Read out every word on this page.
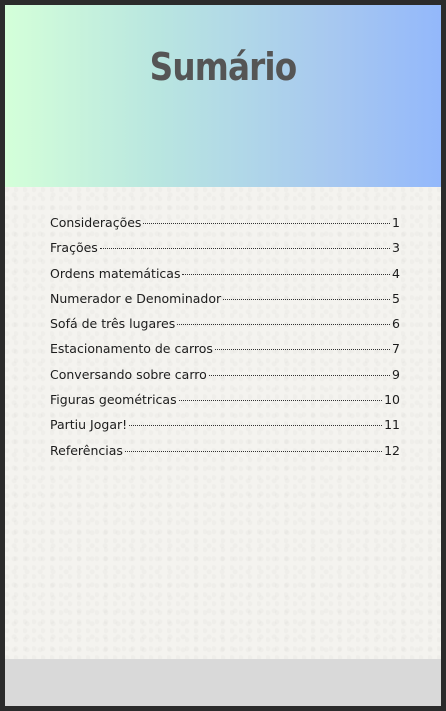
Sumário
Considerações	1
Frações	3
Ordens matemáticas	4
Numerador e Denominador	5
Sofá de três lugares	6
Estacionamento de carros	7
Conversando sobre carro	9
Figuras geométricas	10
Partiu Jogar!	11
Referências	12
